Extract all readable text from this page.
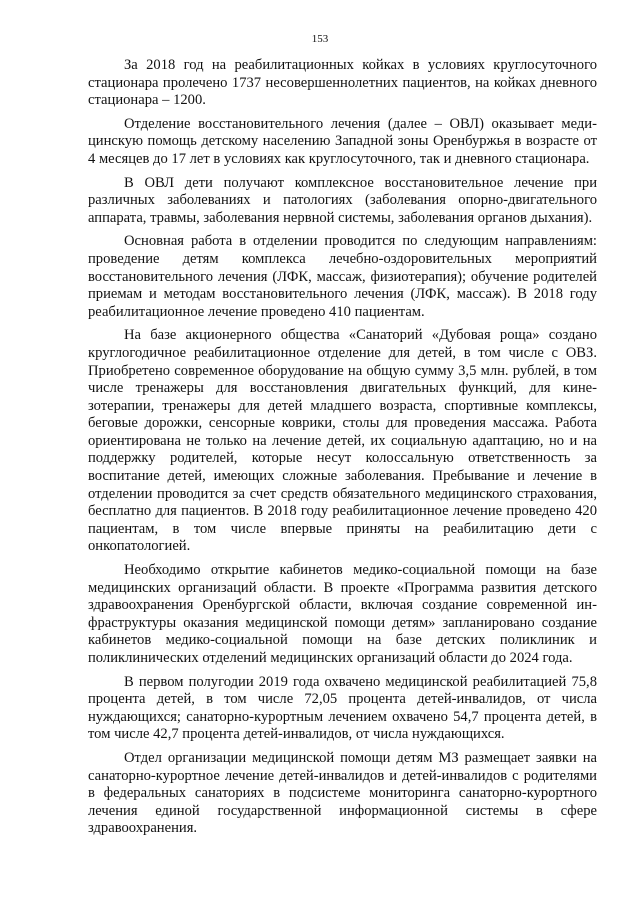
153

За 2018 год на реабилитационных койках в условиях круглосуточного стационара пролечено 1737 несовершеннолетних пациентов, на койках дневного стационара – 1200.

Отделение восстановительного лечения (далее – ОВЛ) оказывает медицинскую помощь детскому населению Западной зоны Оренбуржья в возрасте от 4 месяцев до 17 лет в условиях как круглосуточного, так и дневного стационара.

В ОВЛ дети получают комплексное восстановительное лечение при различных заболеваниях и патологиях (заболевания опорно-двигательного аппарата, травмы, заболевания нервной системы, заболевания органов дыхания).

Основная работа в отделении проводится по следующим направлениям: проведение детям комплекса лечебно-оздоровительных мероприятий восстановительного лечения (ЛФК, массаж, физиотерапия); обучение родителей приемам и методам восстановительного лечения (ЛФК, массаж). В 2018 году реабилитационное лечение проведено 410 пациентам.

На базе акционерного общества «Санаторий «Дубовая роща» создано круглогодичное реабилитационное отделение для детей, в том числе с ОВЗ. Приобретено современное оборудование на общую сумму 3,5 млн. рублей, в том числе тренажеры для восстановления двигательных функций, для кинезотерапии, тренажеры для детей младшего возраста, спортивные комплексы, беговые дорожки, сенсорные коврики, столы для проведения массажа. Работа ориентирована не только на лечение детей, их социальную адаптацию, но и на поддержку родителей, которые несут колоссальную ответственность за воспитание детей, имеющих сложные заболевания. Пребывание и лечение в отделении проводится за счет средств обязательного медицинского страхования, бесплатно для пациентов. В 2018 году реабилитационное лечение проведено 420 пациентам, в том числе впервые приняты на реабилитацию дети с онкопатологией.

Необходимо открытие кабинетов медико-социальной помощи на базе медицинских организаций области. В проекте «Программа развития детского здравоохранения Оренбургской области, включая создание современной инфраструктуры оказания медицинской помощи детям» запланировано создание кабинетов медико-социальной помощи на базе детских поликлиник и поликлинических отделений медицинских организаций области до 2024 года.

В первом полугодии 2019 года охвачено медицинской реабилитацией 75,8 процента детей, в том числе 72,05 процента детей-инвалидов, от числа нуждающихся; санаторно-курортным лечением охвачено 54,7 процента детей, в том числе 42,7 процента детей-инвалидов, от числа нуждающихся.

Отдел организации медицинской помощи детям МЗ размещает заявки на санаторно-курортное лечение детей-инвалидов и детей-инвалидов с родителями в федеральных санаториях в подсистеме мониторинга санаторно-курортного лечения единой государственной информационной системы в сфере здравоохранения.
